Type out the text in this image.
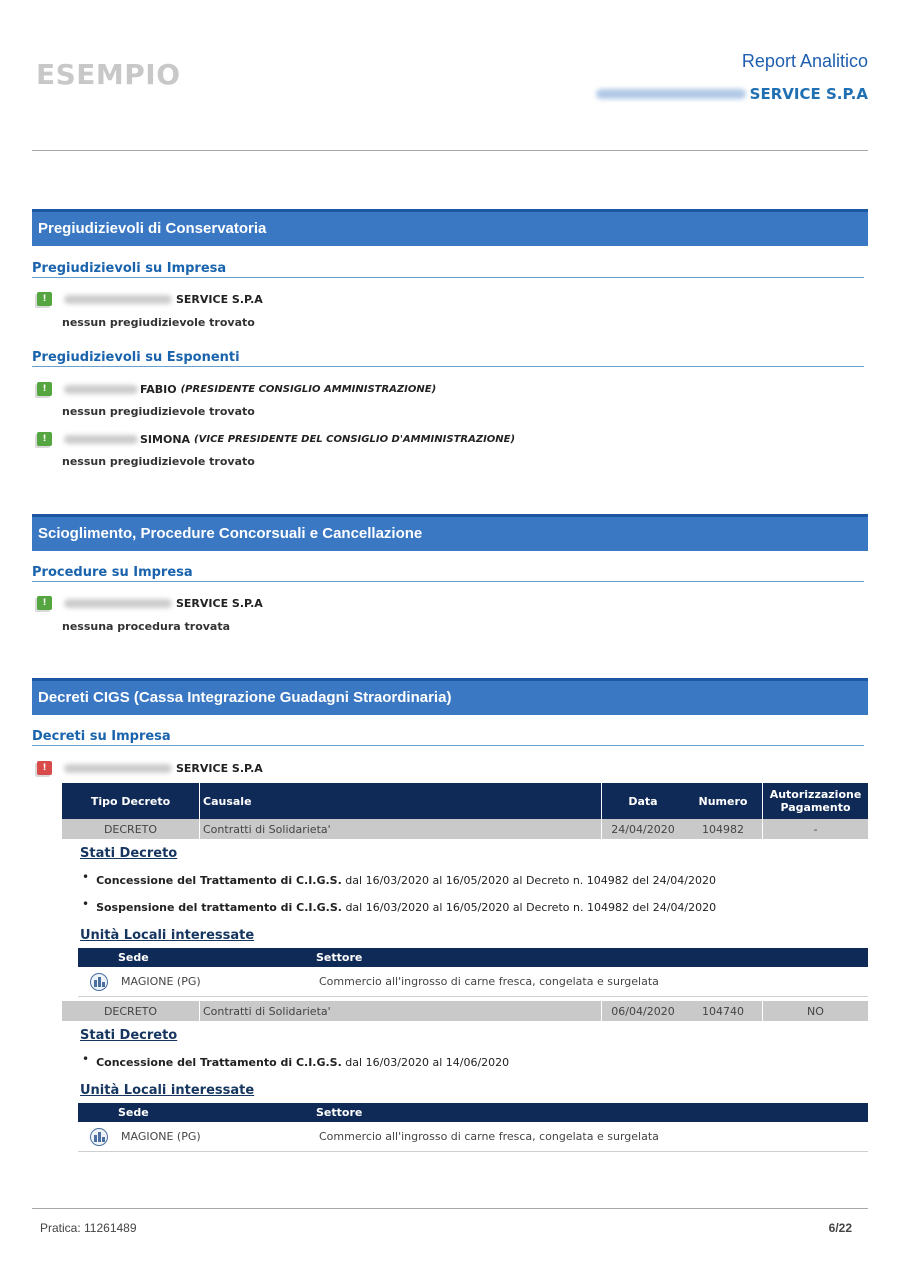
ESEMPIO	Report Analitico
SERVICE S.P.A
Pregiudizievoli di Conservatoria
Pregiudizievoli su Impresa
!	SERVICE S.P.A
nessun pregiudizievole trovato
Pregiudizievoli su Esponenti
!	FABIO (PRESIDENTE CONSIGLIO AMMINISTRAZIONE)
nessun pregiudizievole trovato
!	SIMONA (VICE PRESIDENTE DEL CONSIGLIO D'AMMINISTRAZIONE)
nessun pregiudizievole trovato
Scioglimento, Procedure Concorsuali e Cancellazione
Procedure su Impresa
!	SERVICE S.P.A
nessuna procedura trovata
Decreti CIGS (Cassa Integrazione Guadagni Straordinaria)
Decreti su Impresa
!	SERVICE S.P.A
Tipo Decreto	Causale	Data	Numero	Autorizzazione Pagamento
DECRETO	Contratti di Solidarieta'	24/04/2020	104982	-
Stati Decreto
• Concessione del Trattamento di C.I.G.S. dal 16/03/2020 al 16/05/2020 al Decreto n. 104982 del 24/04/2020
• Sospensione del trattamento di C.I.G.S. dal 16/03/2020 al 16/05/2020 al Decreto n. 104982 del 24/04/2020
Unità Locali interessate
Sede	Settore
MAGIONE (PG)	Commercio all'ingrosso di carne fresca, congelata e surgelata
DECRETO	Contratti di Solidarieta'	06/04/2020	104740	NO
Stati Decreto
• Concessione del Trattamento di C.I.G.S. dal 16/03/2020 al 14/06/2020
Unità Locali interessate
Sede	Settore
MAGIONE (PG)	Commercio all'ingrosso di carne fresca, congelata e surgelata
Pratica: 11261489	6/22
